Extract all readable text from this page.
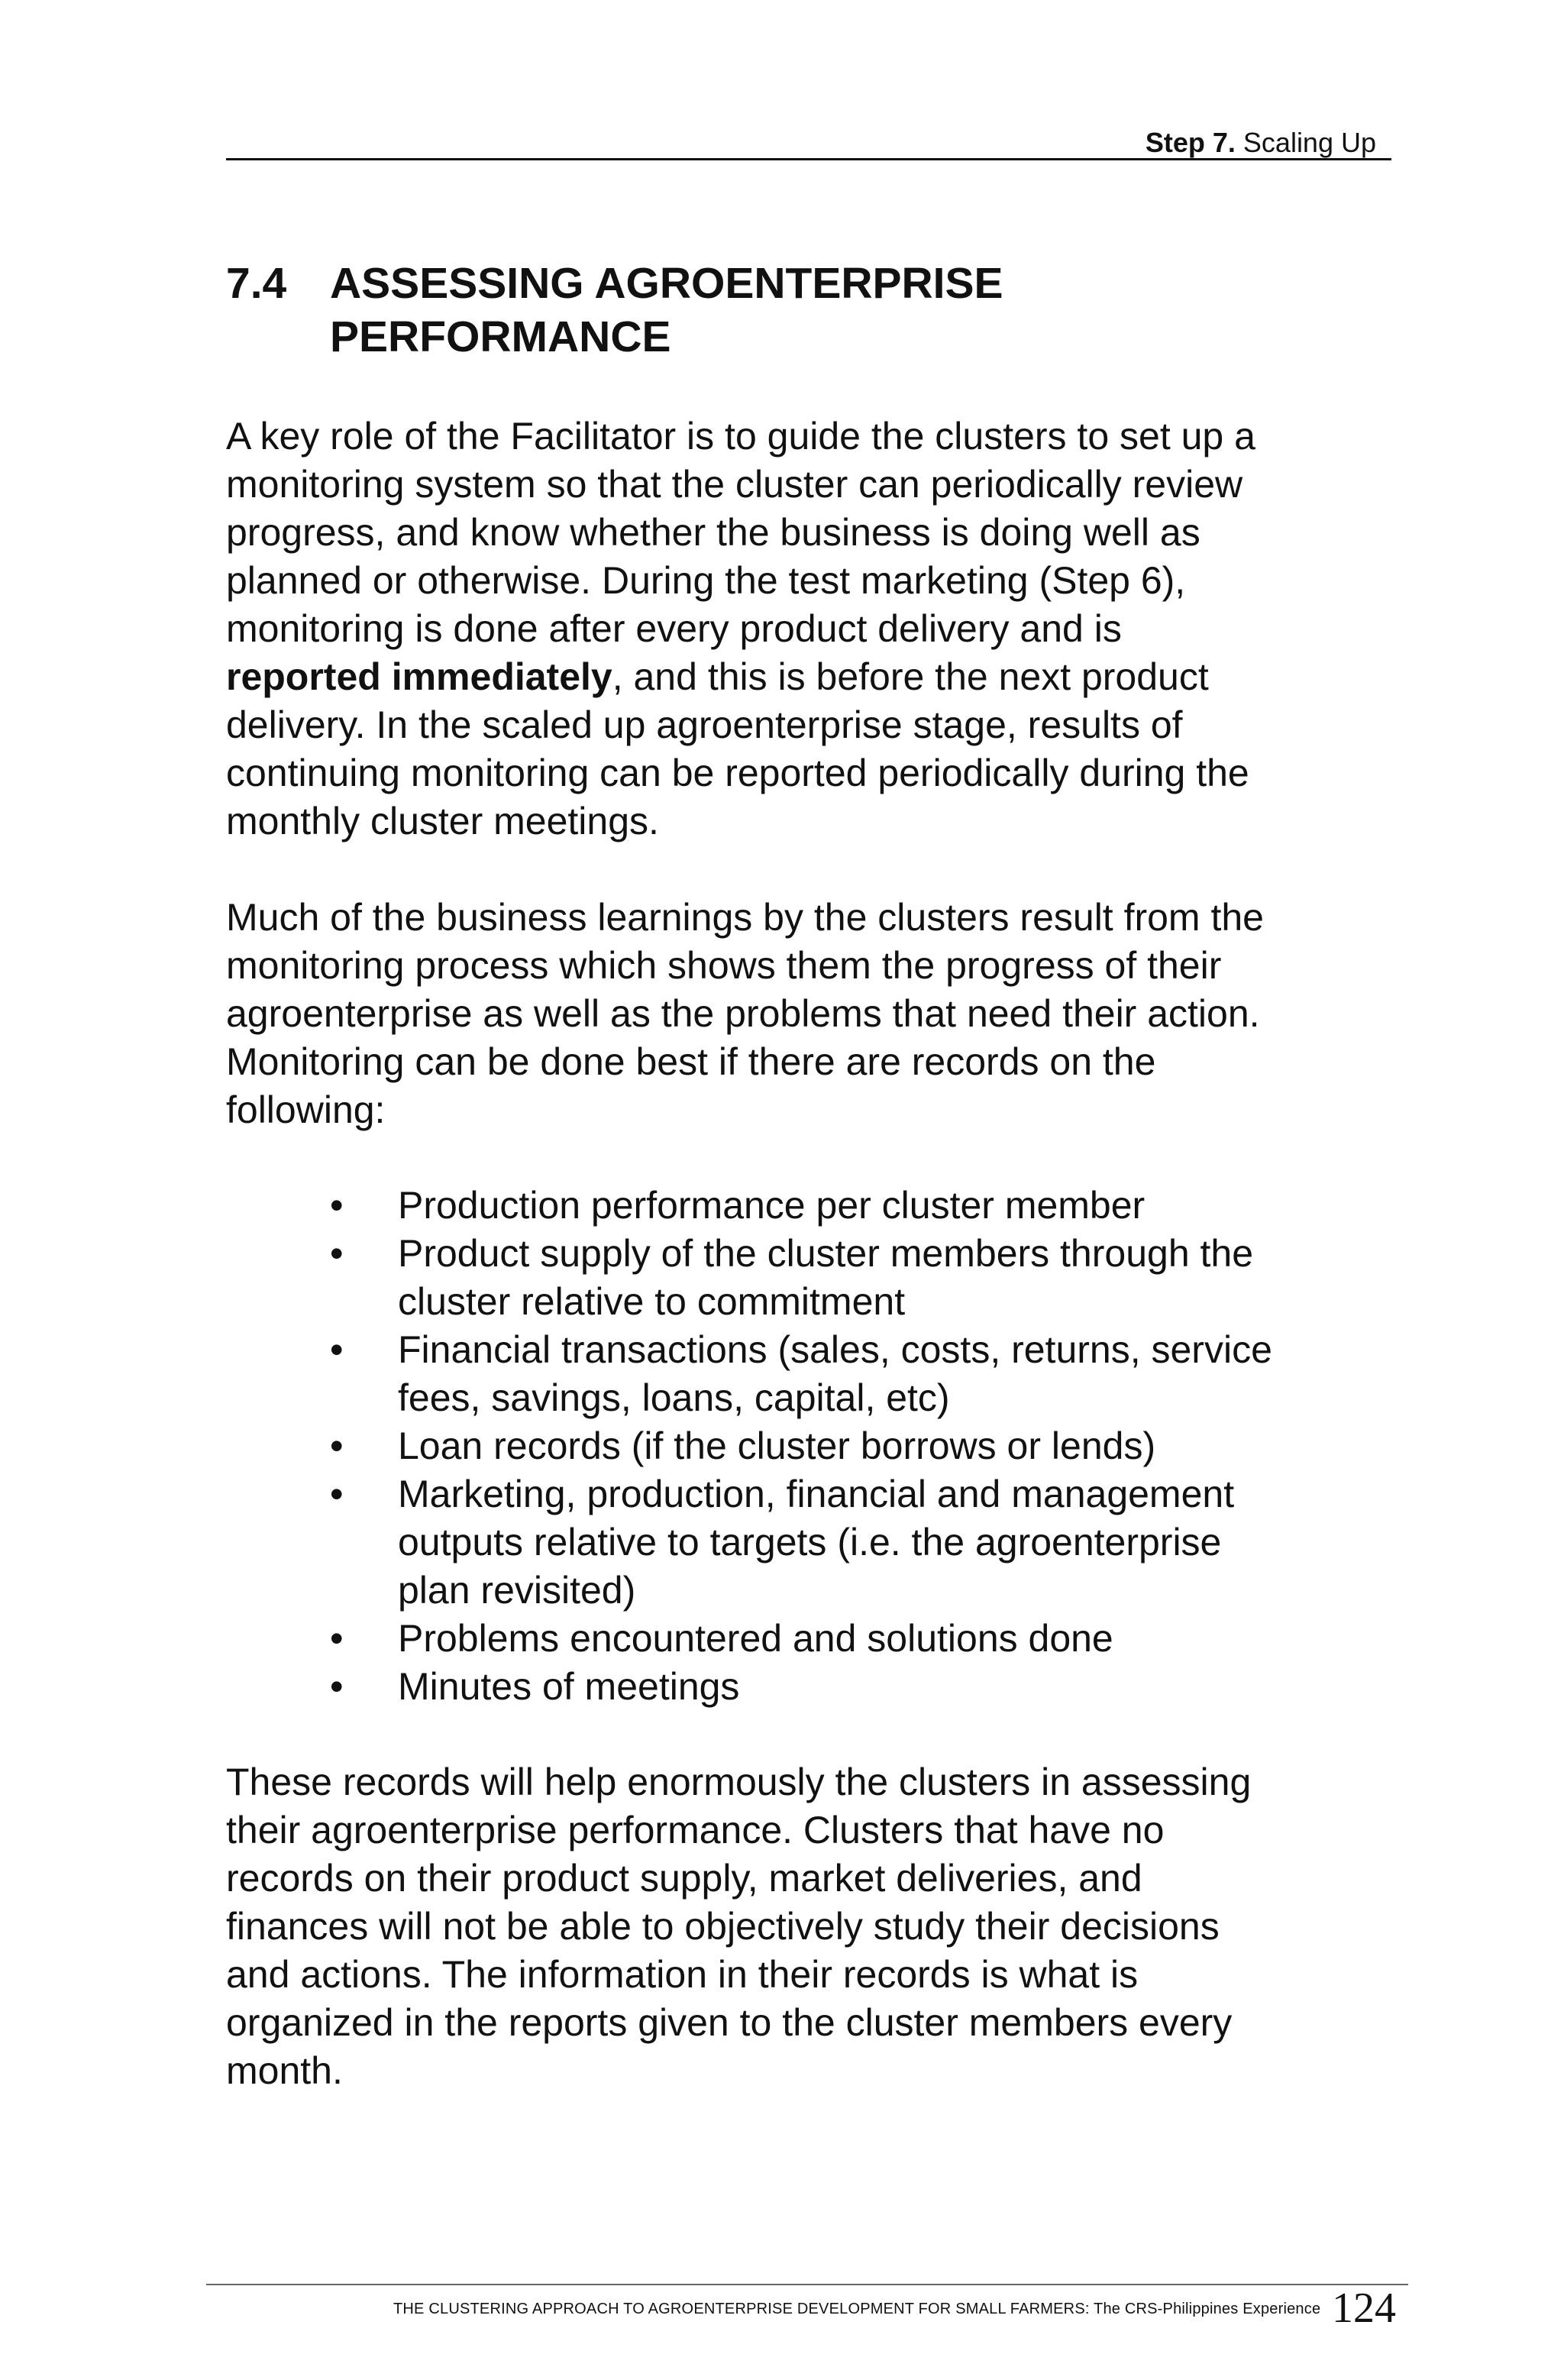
Step 7. Scaling Up
7.4 ASSESSING AGROENTERPRISE
PERFORMANCE

A key role of the Facilitator is to guide the clusters to set up a
monitoring system so that the cluster can periodically review
progress, and know whether the business is doing well as
planned or otherwise. During the test marketing (Step 6),
monitoring is done after every product delivery and is
reported immediately, and this is before the next product
delivery. In the scaled up agroenterprise stage, results of
continuing monitoring can be reported periodically during the
monthly cluster meetings.

Much of the business learnings by the clusters result from the
monitoring process which shows them the progress of their
agroenterprise as well as the problems that need their action.
Monitoring can be done best if there are records on the
following:

• Production performance per cluster member
• Product supply of the cluster members through the
cluster relative to commitment
• Financial transactions (sales, costs, returns, service
fees, savings, loans, capital, etc)
• Loan records (if the cluster borrows or lends)
• Marketing, production, financial and management
outputs relative to targets (i.e. the agroenterprise
plan revisited)
• Problems encountered and solutions done
• Minutes of meetings

These records will help enormously the clusters in assessing
their agroenterprise performance. Clusters that have no
records on their product supply, market deliveries, and
finances will not be able to objectively study their decisions
and actions. The information in their records is what is
organized in the reports given to the cluster members every
month.

THE CLUSTERING APPROACH TO AGROENTERPRISE DEVELOPMENT FOR SMALL FARMERS: The CRS-Philippines Experience 124
